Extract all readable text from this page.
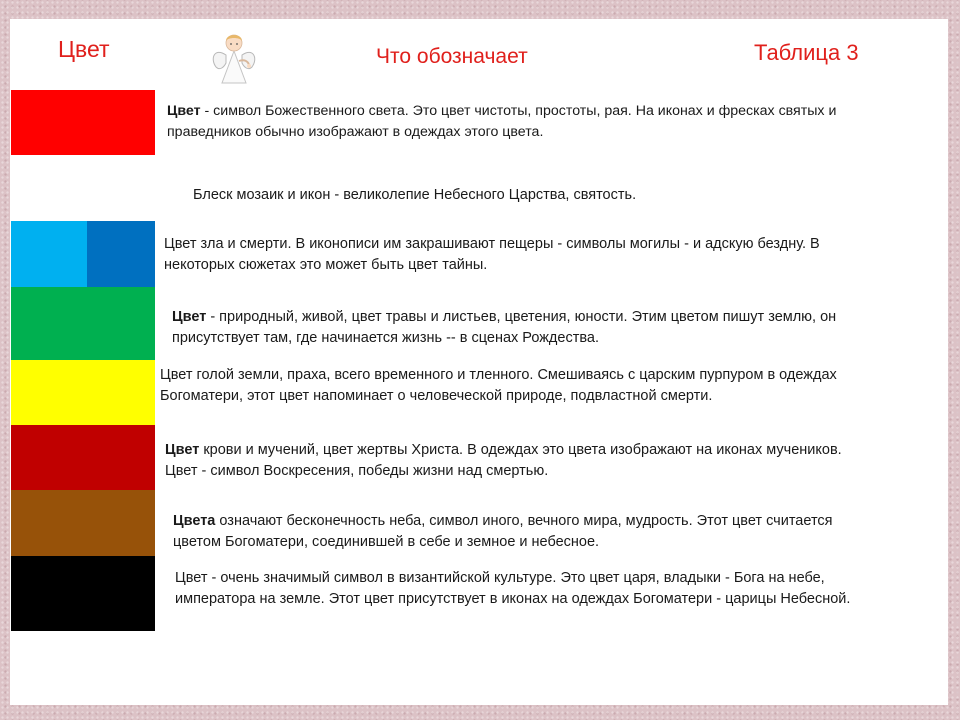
Цвет	Что обозначает	Таблица 3

Цвет - символ Божественного света. Это цвет чистоты, простоты, рая. На иконах и фресках святых и
праведников обычно изображают в одеждах этого цвета.

Блеск мозаик и икон - великолепие Небесного Царства, святость.

Цвет зла и смерти. В иконописи им закрашивают пещеры - символы могилы - и адскую бездну. В
некоторых сюжетах это может быть цвет тайны.

Цвет - природный, живой, цвет травы и листьев, цветения, юности. Этим цветом пишут землю, он
присутствует там, где начинается жизнь -- в сценах Рождества.

Цвет голой земли, праха, всего временного и тленного. Смешиваясь с царским пурпуром в одеждах
Богоматери, этот цвет напоминает о человеческой природе, подвластной смерти.

Цвет крови и мучений, цвет жертвы Христа. В одеждах это цвета изображают на иконах мучеников.
Цвет - символ Воскресения, победы жизни над смертью.

Цвета означают бесконечность неба, символ иного, вечного мира, мудрость. Этот цвет считается
цветом Богоматери, соединившей в себе и земное и небесное.

Цвет - очень значимый символ в византийской культуре. Это цвет царя, владыки - Бога на небе,
императора на земле. Этот цвет присутствует в иконах на одеждах Богоматери - царицы Небесной.
